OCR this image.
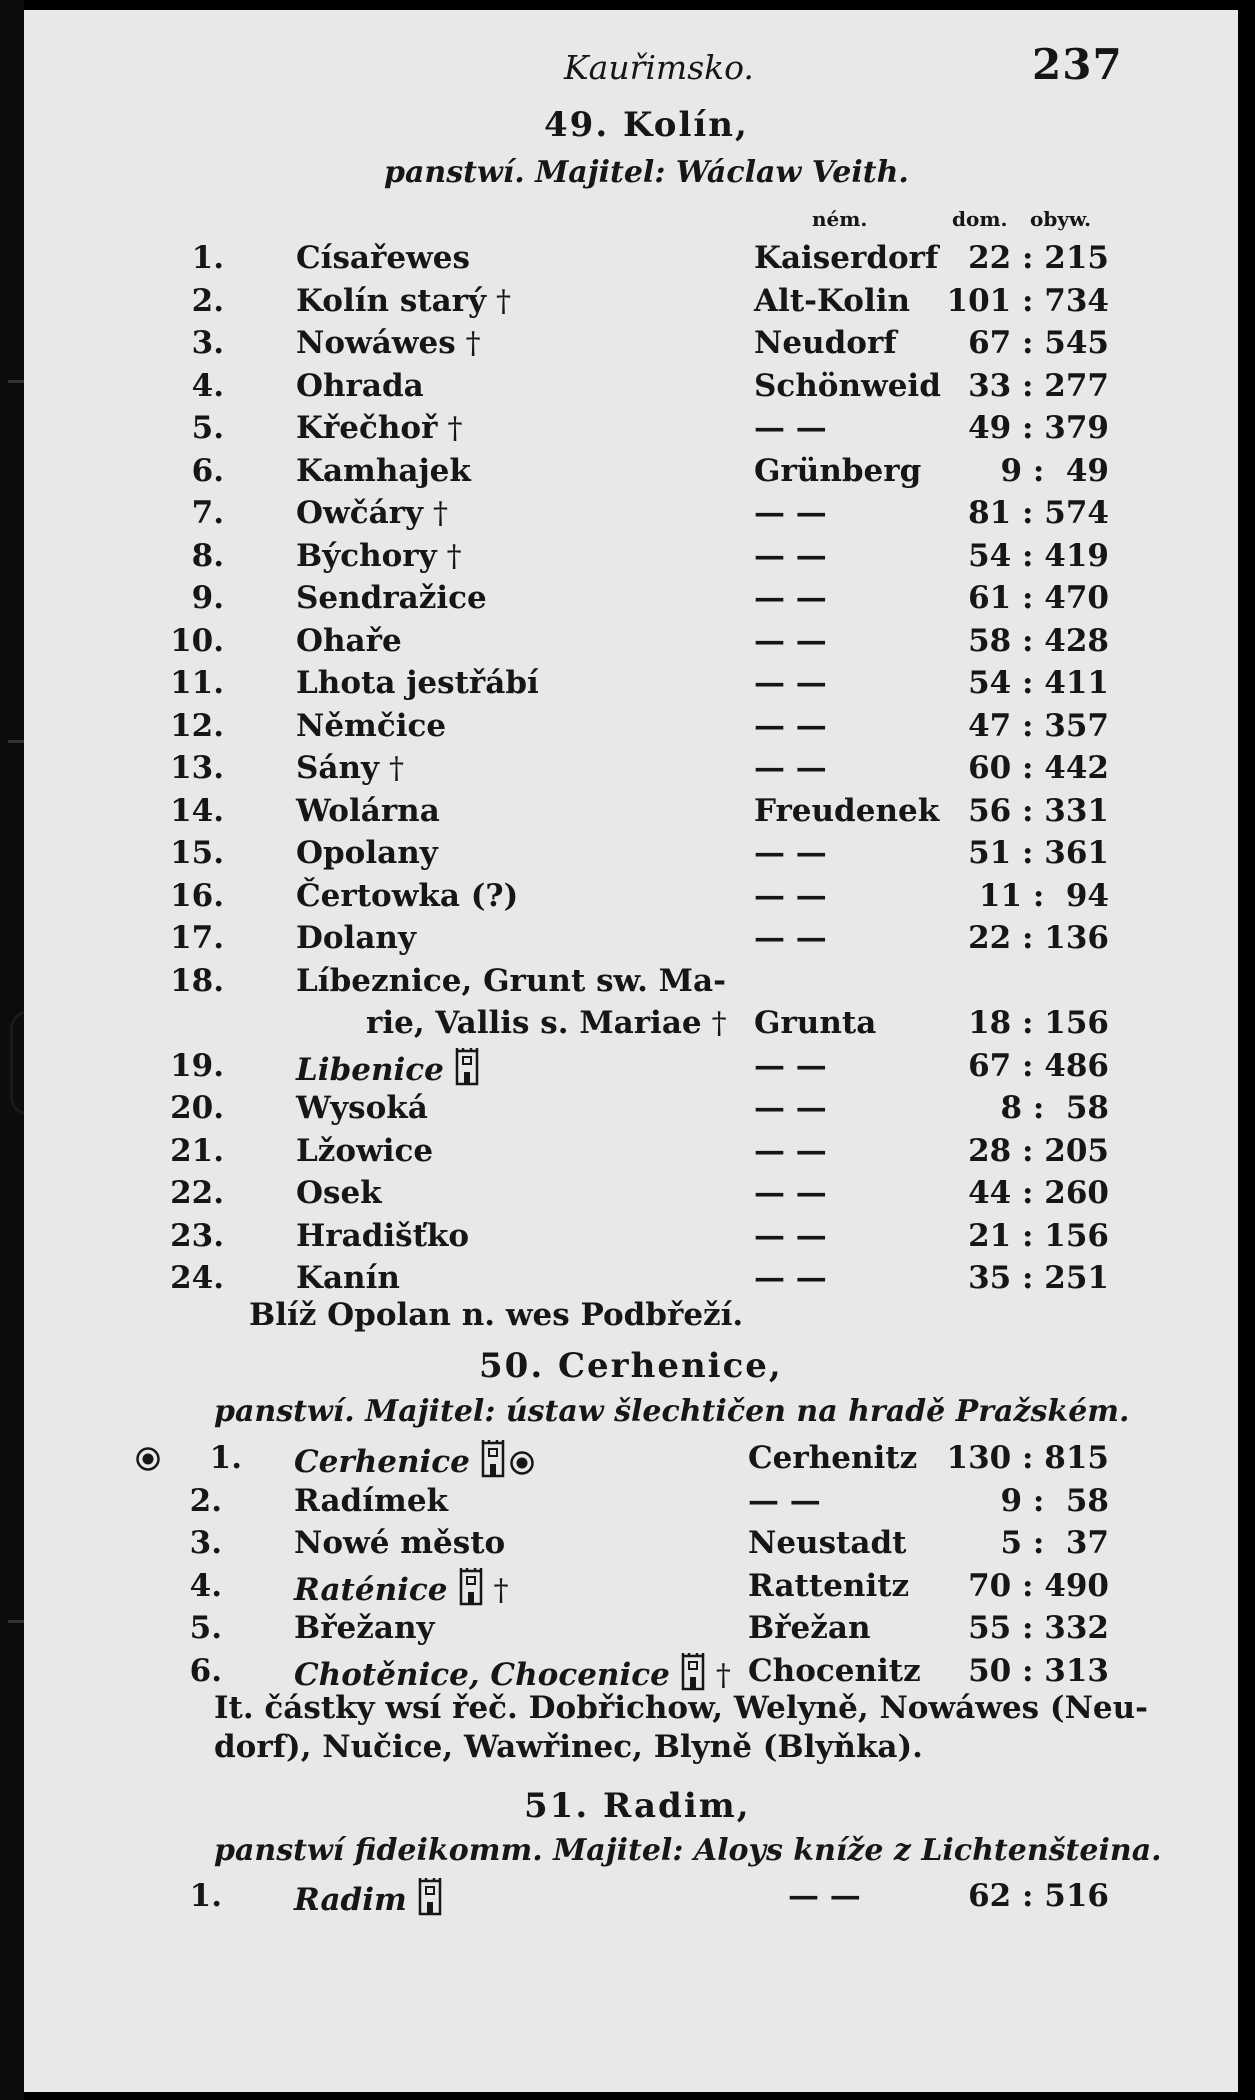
Kauřimsko.	237
49. Kolín,
panstwí. Majitel: Wáclaw Veith.
ném.	dom. obyw.
1. Císařewes	Kaiserdorf 22 : 215
2. Kolín starý †	Alt-Kolin	101 : 734
3. Nowáwes †	Neudorf	67 : 545
4. Ohrada	Schönweid 33 : 277
5. Křečhoř †	— —	49 : 379
6. Kamhajek	Grünberg	9 :  49
7. Owčáry †	— —	81 : 574
8. Býchory †	— —	54 : 419
9. Sendražice	— —	61 : 470
10. Ohaře	— —	58 : 428
11. Lhota jestřábí	— —	54 : 411
12. Němčice	— —	47 : 357
13. Sány †	— —	60 : 442
14. Wolárna	Freudenek 56 : 331
15. Opolany	— —	51 : 361
16. Čertowka (?)	— —	11 :  94
17. Dolany	— —	22 : 136
18. Líbeznice, Grunt sw. Ma-
rie, Vallis s. Mariae † Grunta	18 : 156
19. Libenice	— —	67 : 486
20. Wysoká	— —	8 :  58
21. Lžowice	— —	28 : 205
22. Osek	— —	44 : 260
23. Hradišťko	— —	21 : 156
24. Kanín	— —	35 : 251
Blíž Opolan n. wes Podbřeží.
50. Cerhenice,
panstwí. Majitel: ústaw šlechtičen na hradě Pražském.
1. Cerhenice	Cerhenitz 130 : 815
2. Radímek	— —	9 :  58
3. Nowé město	Neustadt	5 :  37
4. Raténice †	Rattenitz	70 : 490
5. Břežany	Břežan	55 : 332
6. Chotěnice, Chocenice † Chocenitz	50 : 313
It. částky wsí řeč. Dobřichow, Welyně, Nowáwes (Neu-
dorf), Nučice, Wawřinec, Blyně (Blyňka).
51. Radim,
panstwí fideikomm. Majitel: Aloys kníže z Lichtenšteina.
1. Radim	— —	62 : 516
